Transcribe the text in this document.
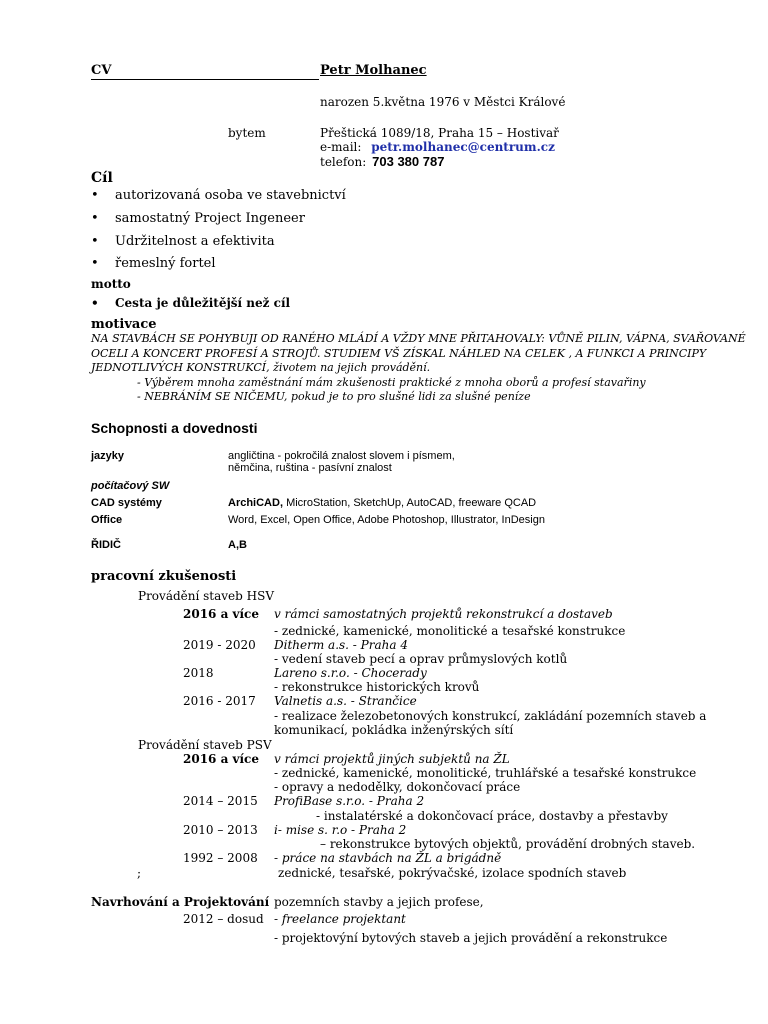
CV	Petr Molhanec
narozen 5.května 1976 v Městci Králové
bytem	Přeštická 1089/18, Praha 15 – Hostivař
e-mail: petr.molhanec@centrum.cz
telefon: 703 380 787
Cíl
• autorizovaná osoba ve stavebnictví
• samostatný Project Ingeneer
• Udržitelnost a efektivita
• řemeslný fortel
motto
• Cesta je důležitější než cíl
motivace
NA STAVBÁCH SE POHYBUJI OD RANÉHO MLÁDÍ A VŽDY MNE PŘITAHOVALY: VŮNĚ PILIN, VÁPNA, SVAŘOVANÉ
OCELI A KONCERT PROFESÍ A STROJŮ. STUDIEM VŠ ZÍSKAL NÁHLED NA CELEK , A FUNKCI A PRINCIPY
JEDNOTLIVÝCH KONSTRUKCÍ, životem na jejich provádění.
- Výběrem mnoha zaměstnání mám zkušenosti praktické z mnoha oborů a profesí stavařiny
- NEBRÁNÍM SE NIČEMU, pokud je to pro slušné lidi za slušné peníze
Schopnosti a dovednosti
jazyky	angličtina - pokročilá znalost slovem i písmem,
němčina, ruština - pasívní znalost
počítačový SW
CAD systémy	ArchiCAD, MicroStation, SketchUp, AutoCAD, freeware QCAD
Office	Word, Excel, Open Office, Adobe Photoshop, Illustrator, InDesign
ŘIDIČ	A,B
pracovní zkušenosti
Provádění staveb HSV
2016 a více v rámci samostatných projektů rekonstrukcí a dostaveb
- zednické, kamenické, monolitické a tesařské konstrukce
2019 - 2020 Ditherm a.s. - Praha 4
- vedení staveb pecí a oprav průmyslových kotlů
2018	Lareno s.r.o. - Chocerady
- rekonstrukce historických krovů
2016 - 2017 Valnetis a.s. - Strančice
- realizace železobetonových konstrukcí, zakládání pozemních staveb a
komunikací, pokládka inženýrských sítí
Provádění staveb PSV
2016 a více v rámci projektů jiných subjektů na ŽL
- zednické, kamenické, monolitické, truhlářské a tesařské konstrukce
- opravy a nedodělky, dokončovací práce
2014 – 2015 ProfiBase s.r.o. - Praha 2
- instalatérské a dokončovací práce, dostavby a přestavby
2010 – 2013 i- mise s. r.o - Praha 2
– rekonstrukce bytových objektů, provádění drobných staveb.
1992 – 2008 - práce na stavbách na ŽL a brigádně
;	zednické, tesařské, pokrývačské, izolace spodních staveb
Navrhování a Projektování pozemních stavby a jejich profese,
2012 – dosud - freelance projektant
- projektovýní bytových staveb a jejich provádění a rekonstrukce
